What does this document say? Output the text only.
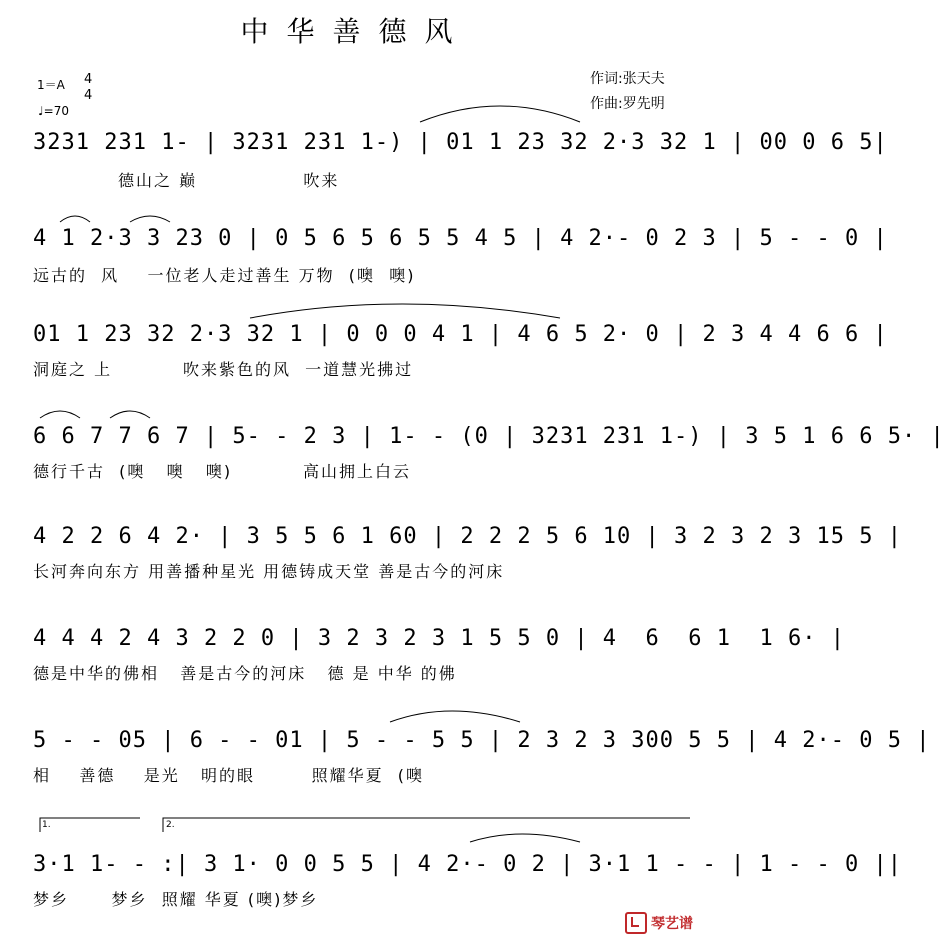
中华善德风
作词:张天夫
作曲:罗先明
1＝A 4
4
♩=70
3231 231 1- | 3231 231 1-) | 01 1 23 32 2·3 32 1 | 00 0 6 5|
德山之 巅               吹来
4 1 2·3 3 23 0 | 0 5 6 5 6 5 5 4 5 | 4 2·- 0 2 3 | 5 - - 0 |
远古的  风    一位老人走过善生 万物  (噢  噢)
01 1 23 32 2·3 32 1 | 0 0 0 4 1 | 4 6 5 2· 0 | 2 3 4 4 6 6 |
洞庭之 上          吹来紫色的风  一道慧光拂过
6 6 7 7 6 7 | 5- - 2 3 | 1- - (0 | 3231 231 1-) | 3 5 1 6 6 5· |
德行千古  (噢   噢   噢)          高山拥上白云
4 2 2 6 4 2· | 3 5 5 6 1 60 | 2 2 2 5 6 10 | 3 2 3 2 3 15 5 |
长河奔向东方 用善播种星光 用德铸成天堂 善是古今的河床
4 4 4 2 4 3 2 2 0 | 3 2 3 2 3 1 5 5 0 | 4  6  6 1  1 6· |
德是中华的佛相   善是古今的河床   德 是 中华 的佛
5 - - 05 | 6 - - 01 | 5 - - 5 5 | 2 3 2 3 300 5 5 | 4 2·- 0 5 |
相    善德    是光   明的眼        照耀华夏  (噢
1.	2.
3·1 1- - :| 3 1· 0 0 5 5 | 4 2·- 0 2 | 3·1 1 - - | 1 - - 0 ||
梦乡      梦乡  照耀 华夏 (噢)梦乡
琴艺谱
